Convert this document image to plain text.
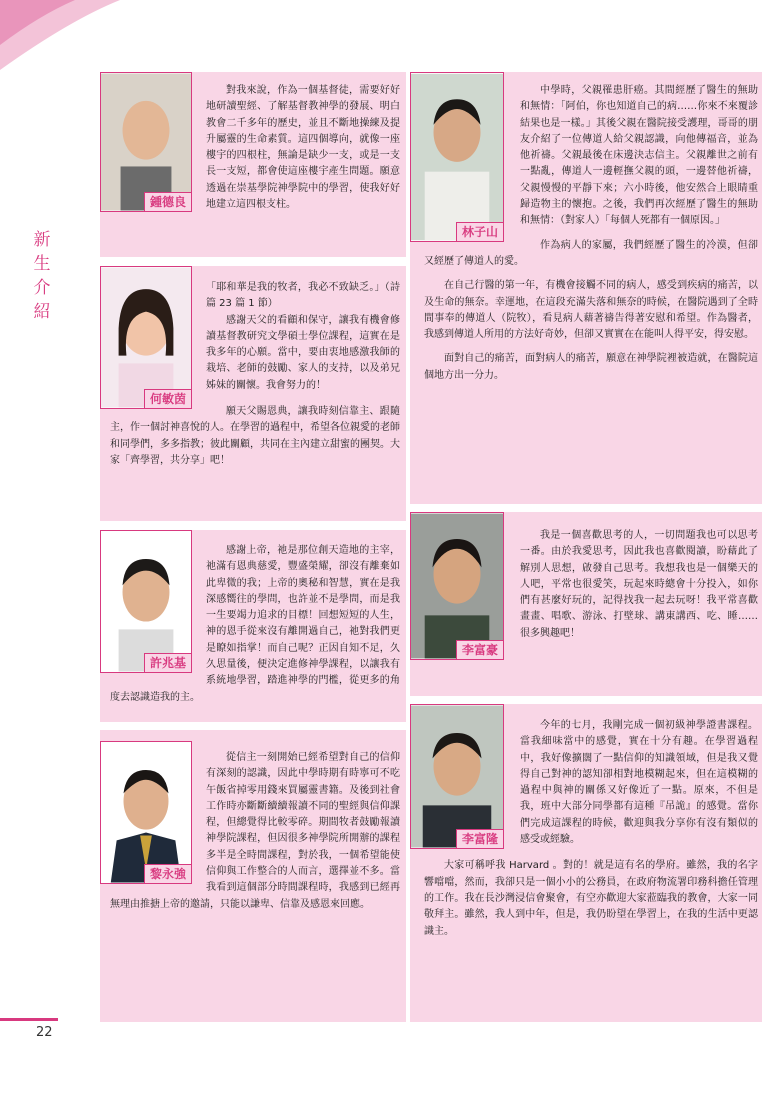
新
生
介
紹
鍾德良

對我來說，作為一個基督徒，需要好好地研讀聖經、了解基督教神學的發展、明白教會二千多年的歷史，並且不斷地操練及提升屬靈的生命素質。這四個導向，就像一座樓宇的四根柱，無論是缺少一支，或是一支長一支短，都會使這座樓宇產生問題。願意透過在崇基學院神學院中的學習，使我好好地建立這四根支柱。

何敏茵

「耶和華是我的牧者，我必不致缺乏。」（詩篇 23 篇 1 節）

感謝天父的看顧和保守，讓我有機會修讀基督教研究文學碩士學位課程，這實在是我多年的心願。當中，要由衷地感激我師的栽培、老師的鼓勵、家人的支持，以及弟兄姊妹的關懷。我會努力的！

願天父賜恩典，讓我時刻信靠主、跟隨主，作一個討神喜悅的人。在學習的過程中，希望各位親愛的老師和同學們，多多指教；彼此關顧，共同在主內建立甜蜜的團契。大家「齊學習，共分享」吧！

許兆基

感謝上帝，祂是那位創天造地的主宰，祂滿有恩典慈愛，豐盛榮耀，卻沒有離棄如此卑微的我；上帝的奧秘和智慧，實在是我深感嚮往的學問，也許並不是學問，而是我一生要竭力追求的目標！回想短短的人生，神的恩手從來沒有離開過自己，祂對我們更是瞭如指掌！而自己呢？正因自知不足，久久思量後，便決定進修神學課程，以讓我有系統地學習，踏進神學的門檻，從更多的角度去認識造我的主。

黎永強

從信主一刻開始已經希望對自己的信仰有深刻的認識，因此中學時期有時寧可不吃午飯省掉零用錢來買屬靈書籍。及後到社會工作時亦斷斷續續報讀不同的聖經與信仰課程，但總覺得比較零碎。期間牧者鼓勵報讀神學院課程，但因很多神學院所開辦的課程多半是全時間課程，對於我，一個希望能使信仰與工作整合的人而言，選擇並不多。當我看到這個部分時間課程時，我感到已經再無理由推搪上帝的邀請，只能以謙卑、信靠及感恩來回應。

林子山

中學時，父親罹患肝癌。其間經歷了醫生的無助和無情：「阿伯，你也知道自己的病……你來不來覆診結果也是一樣。」其後父親在醫院接受護理，哥哥的朋友介紹了一位傳道人給父親認識，向他傳福音，並為他祈禱。父親最後在床邊決志信主。父親離世之前有一點亂，傳道人一邊輕撫父親的頭，一邊替他祈禱，父親慢慢的平靜下來；六小時後，他安然合上眼睛重歸造物主的懷抱。之後，我們再次經歷了醫生的無助和無情：（對家人）「每個人死都有一個原因。」

作為病人的家屬，我們經歷了醫生的冷漠，但卻又經歷了傳道人的愛。

在自己行醫的第一年，有機會接觸不同的病人，感受到疾病的痛苦，以及生命的無奈。幸運地，在這段充滿失落和無奈的時候，在醫院遇到了全時間事奉的傳道人（院牧），看見病人藉著禱告得著安慰和希望。作為醫者，我感到傳道人所用的方法好奇妙，但卻又實實在在能叫人得平安，得安慰。

面對自己的痛苦，面對病人的痛苦，願意在神學院裡被造就，在醫院這個地方出一分力。

李富豪

我是一個喜歡思考的人，一切問題我也可以思考一番。由於我愛思考，因此我也喜歡閱讀，盼藉此了解別人思想，啟發自己思考。我想我也是一個樂天的人吧，平常也很愛笑，玩起來時總會十分投入，如你們有甚麼好玩的，記得找我一起去玩呀！我平常喜歡畫畫、唱歌、游泳、打壁球、講東講西、吃、睡……很多興趣吧！

李富隆

今年的七月，我剛完成一個初級神學證書課程。當我細味當中的感覺，實在十分有趣。在學習過程中，我好像擴闊了一點信仰的知識領域，但是我又覺得自己對神的認知卻相對地模糊起來，但在這模糊的過程中與神的關係又好像近了一點。原來，不但是我，班中大部分同學都有這種『吊詭』的感覺。當你們完成這課程的時候，歡迎與我分享你有沒有類似的感受或經驗。

大家可稱呼我 Harvard 。對的！就是這有名的學府。雖然，我的名字響噹噹，然而，我卻只是一個小小的公務員，在政府物流署印務科擔任管理的工作。我在長沙灣浸信會聚會，有空亦歡迎大家蒞臨我的教會，大家一同敬拜主。雖然，我人到中年，但是，我仍盼望在學習上，在我的生活中更認識主。

22
